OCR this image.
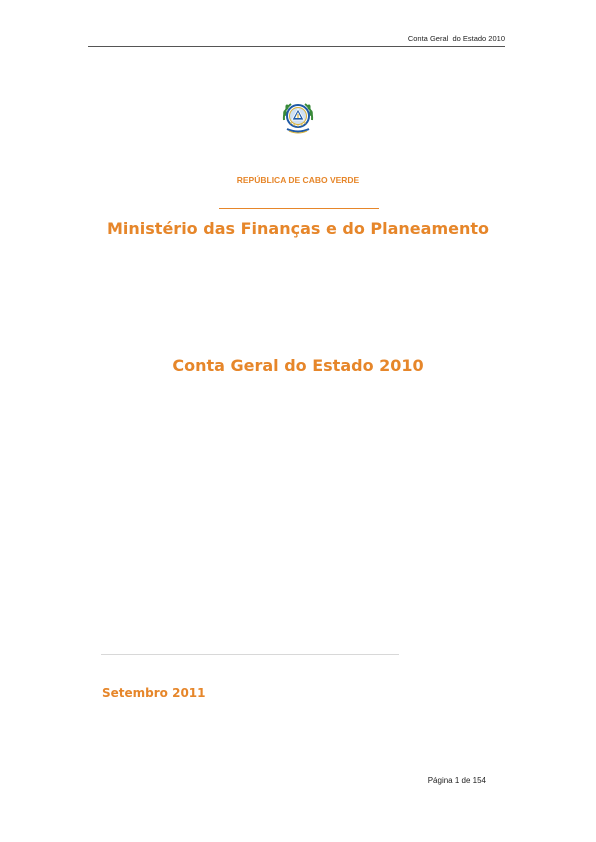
Conta Geral  do Estado 2010
REPÚBLICA DE CABO VERDE
Ministério das Finanças e do Planeamento
Conta Geral do Estado 2010
Setembro 2011
Página 1 de 154
